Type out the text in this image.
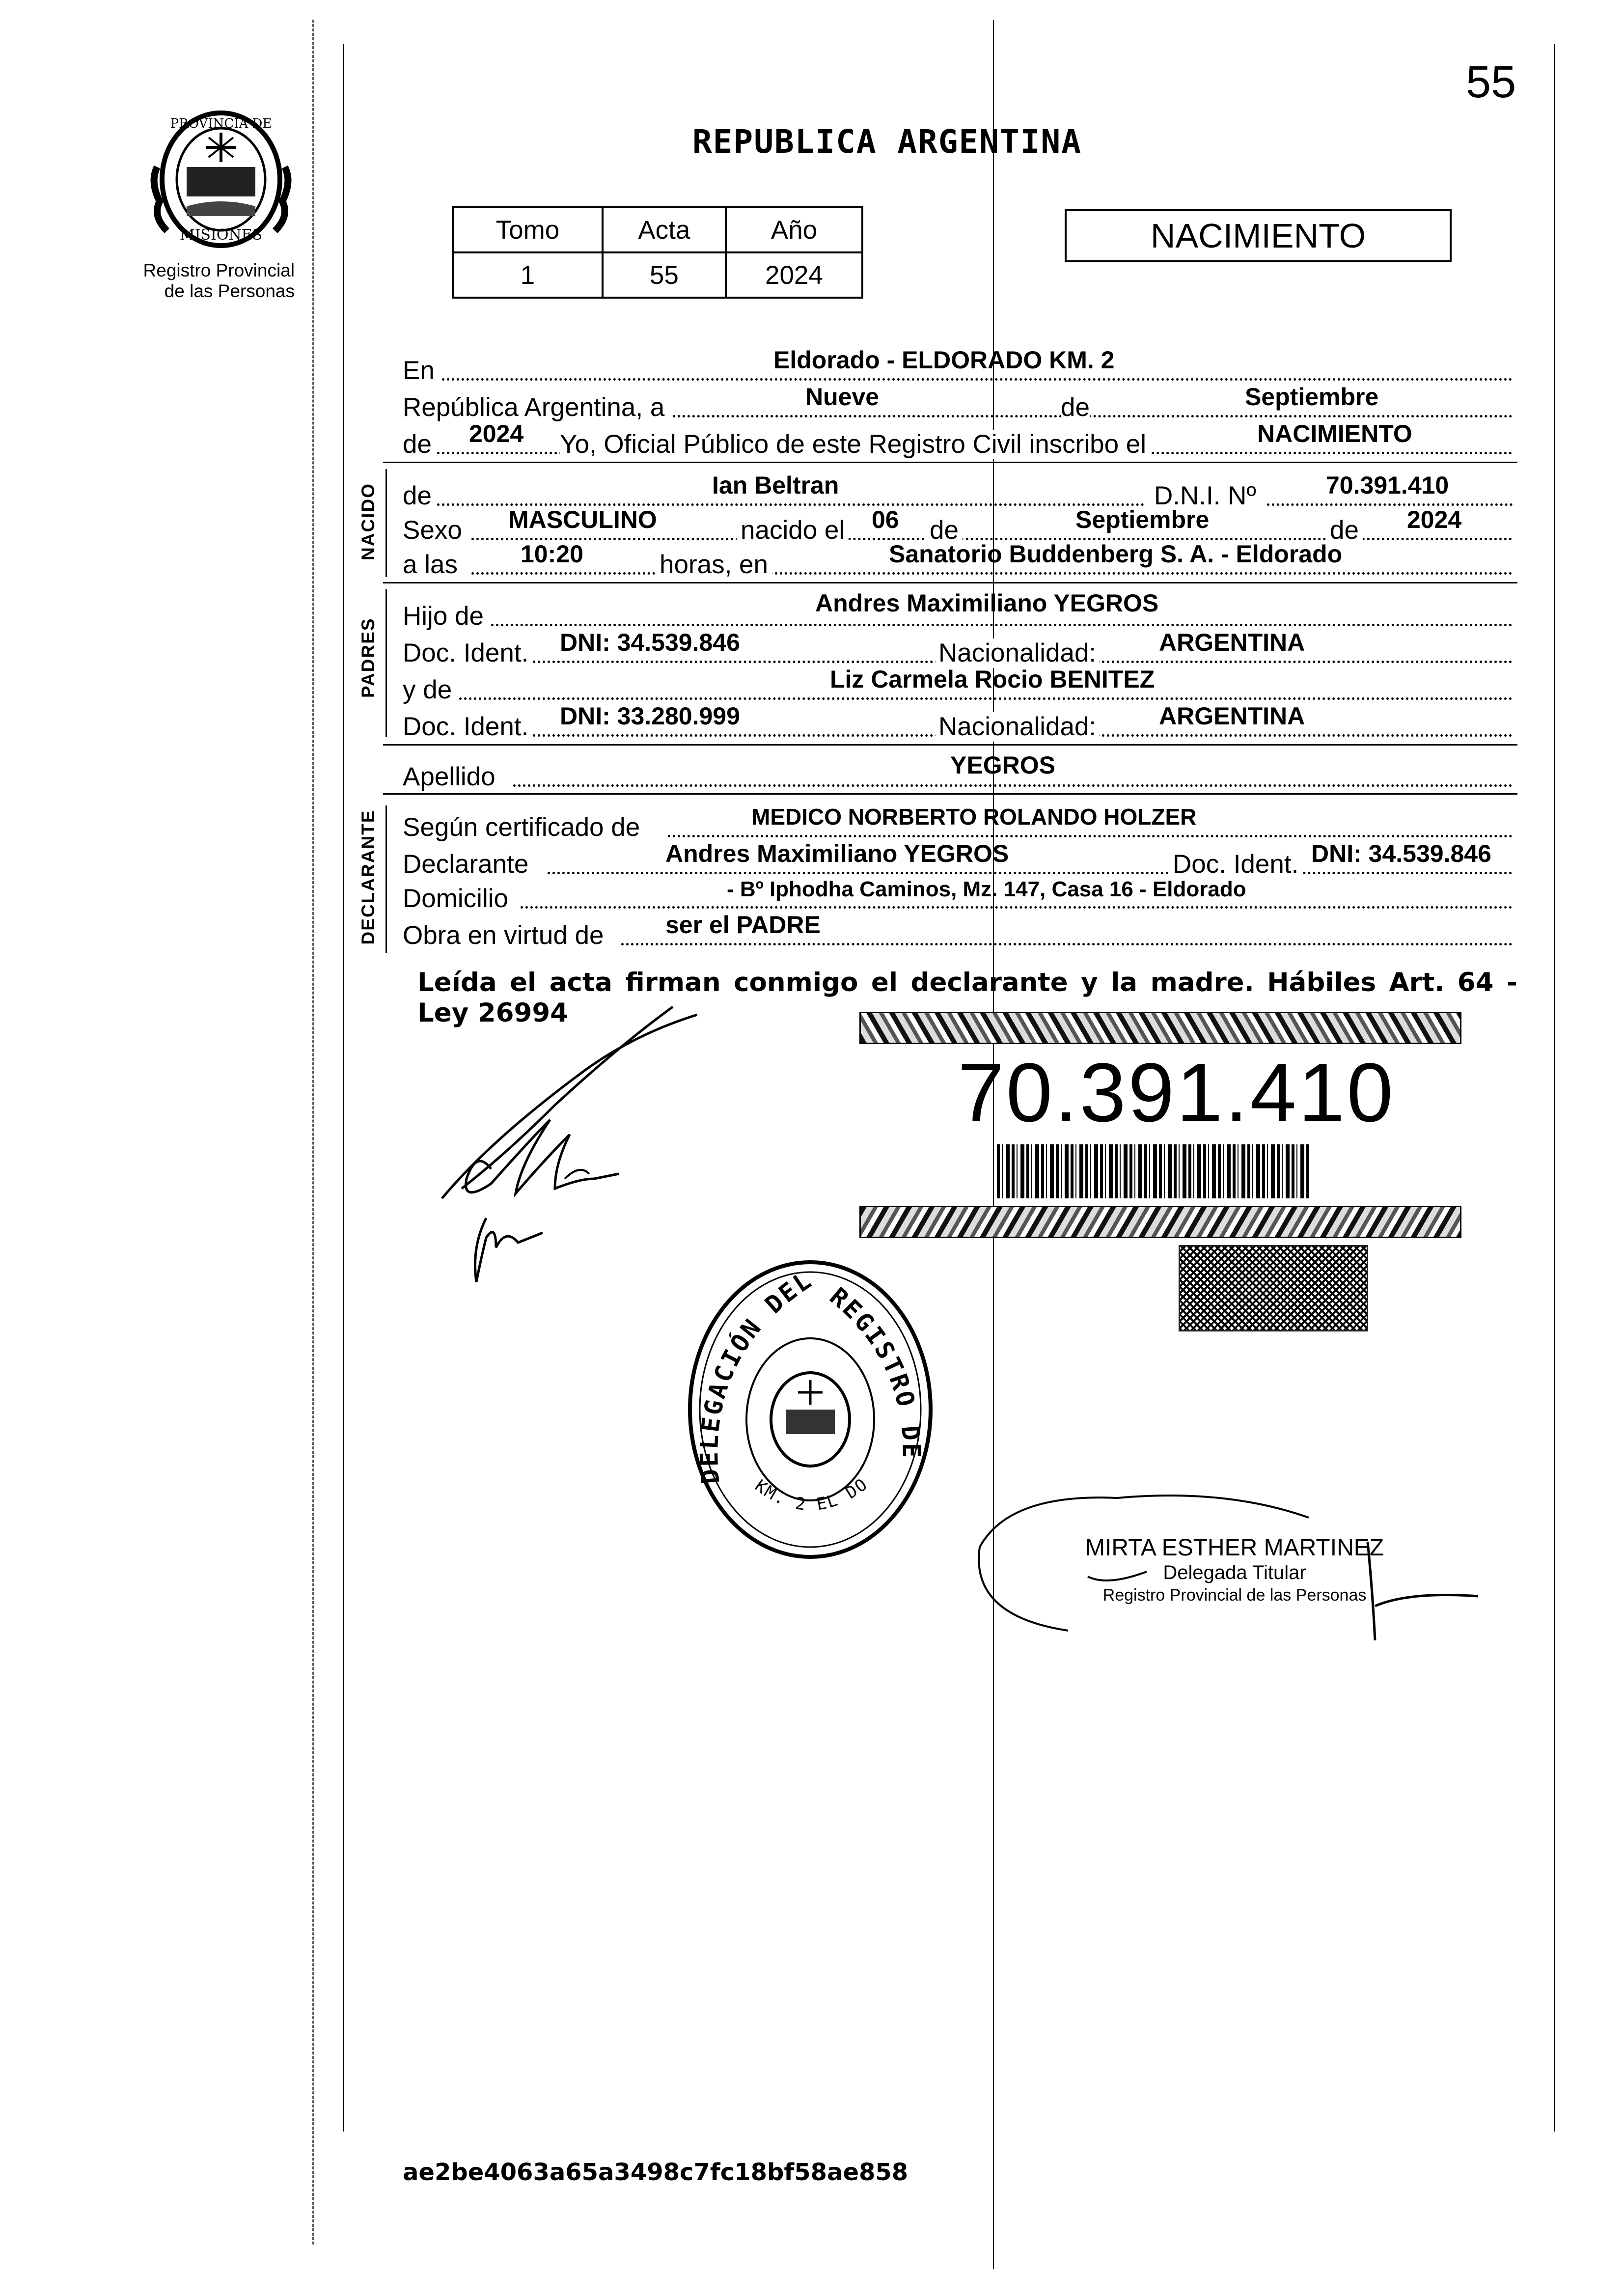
55
PROVINCIA DE
MISIONES
Registro Provincial
de las Personas
REPUBLICA ARGENTINA
Tomo	Acta	Año
1	55	2024
NACIMIENTO
En	Eldorado - ELDORADO KM. 2
República Argentina, a	Nueve	de	Septiembre
de 2024 Yo, Oficial Público de este Registro Civil inscribo el	NACIMIENTO
NACIDO de	Ian Beltran	D.N.I. Nº	70.391.410
Sexo MASCULINO	nacido el 06 de	Septiembre	de 2024
a las	10:20	horas, en	Sanatorio Buddenberg S. A. - Eldorado
PADRES
Hijo de	Andres Maximiliano YEGROS
Doc. Ident. DNI: 34.539.846	Nacionalidad:	ARGENTINA
y de	Liz Carmela Rocio BENITEZ
Doc. Ident. DNI: 33.280.999	Nacionalidad:	ARGENTINA
Apellido	YEGROS
DECLARANTE Según certificado de	MEDICO NORBERTO ROLANDO HOLZER
Declarante	Andres Maximiliano YEGROS	Doc. Ident. DNI: 34.539.846
Domicilio	- Bº Iphodha Caminos, Mz. 147, Casa 16 - Eldorado
Obra en virtud de	ser el PADRE
Leída el acta firman conmigo el declarante y la madre. Hábiles Art. 64 - Ley 26994
70.391.410
DELEGACIÓN DEL REGISTRO DE
KM. 2 EL DO
MIRTA ESTHER MARTINEZ
Delegada Titular
Registro Provincial de las Personas
ae2be4063a65a3498c7fc18bf58ae858
